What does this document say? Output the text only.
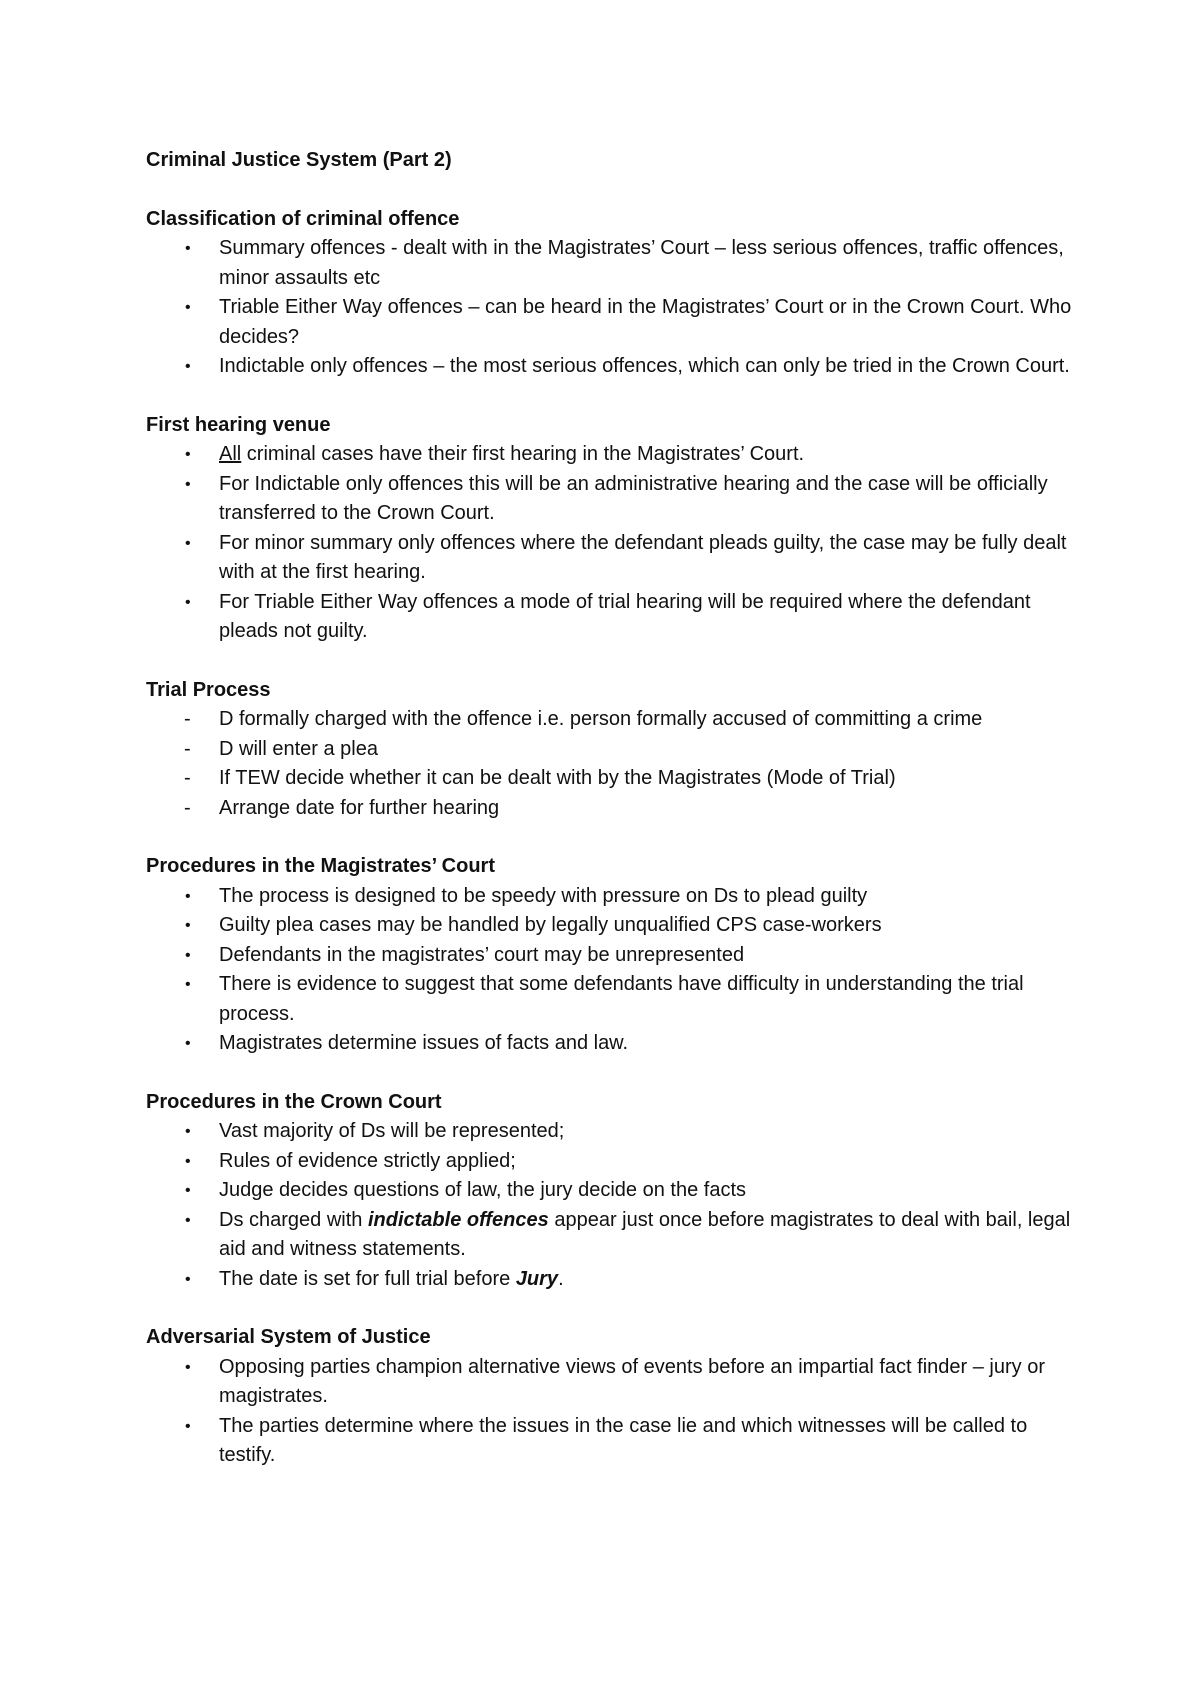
Criminal Justice System (Part 2)
Classification of criminal offence
• Summary offences - dealt with in the Magistrates’ Court – less serious offences, traffic offences, minor assaults etc
• Triable Either Way offences – can be heard in the Magistrates’ Court or in the Crown Court. Who decides?
• Indictable only offences – the most serious offences, which can only be tried in the Crown Court.
First hearing venue
• All criminal cases have their first hearing in the Magistrates’ Court.
• For Indictable only offences this will be an administrative hearing and the case will be officially transferred to the Crown Court.
• For minor summary only offences where the defendant pleads guilty, the case may be fully dealt with at the first hearing.
• For Triable Either Way offences a mode of trial hearing will be required where the defendant pleads not guilty.
Trial Process
- D formally charged with the offence i.e. person formally accused of committing a crime
- D will enter a plea
- If TEW decide whether it can be dealt with by the Magistrates (Mode of Trial)
- Arrange date for further hearing
Procedures in the Magistrates’ Court
• The process is designed to be speedy with pressure on Ds to plead guilty
• Guilty plea cases may be handled by legally unqualified CPS case-workers
• Defendants in the magistrates’ court may be unrepresented
• There is evidence to suggest that some defendants have difficulty in understanding the trial process.
• Magistrates determine issues of facts and law.
Procedures in the Crown Court
• Vast majority of Ds will be represented;
• Rules of evidence strictly applied;
• Judge decides questions of law, the jury decide on the facts
• Ds charged with indictable offences appear just once before magistrates to deal with bail, legal aid and witness statements.
• The date is set for full trial before Jury.
Adversarial System of Justice
• Opposing parties champion alternative views of events before an impartial fact finder – jury or magistrates.
• The parties determine where the issues in the case lie and which witnesses will be called to testify.
